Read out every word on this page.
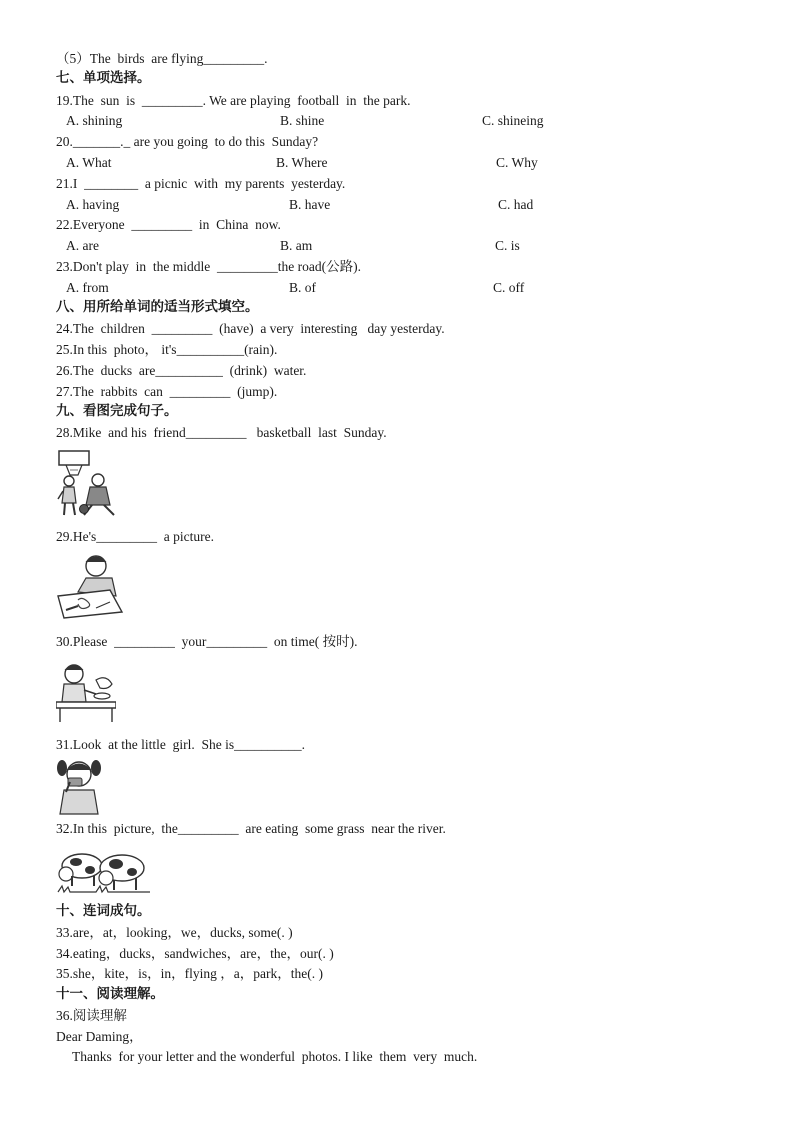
（5）The  birds  are flying_________.
七、单项选择。
19.The  sun  is  _________. We are playing  football  in  the park.
A. shining	B. shine	C. shineing
20._______._ are you going  to do this  Sunday?
A. What	B. Where	C. Why
21.I  ________  a picnic  with  my parents  yesterday.
A. having	B. have	C. had
22.Everyone  _________  in  China  now.
A. are	B. am	C. is
23.Don't play  in  the middle  _________the road(公路).
A. from	B. of	C. off
八、用所给单词的适当形式填空。
24.The  children  _________  (have)  a very  interesting   day yesterday.
25.In this  photo， it's__________(rain).
26.The  ducks  are__________  (drink)  water.
27.The  rabbits  can  _________  (jump).
九、看图完成句子。
28.Mike  and his  friend_________   basketball  last  Sunday.
29.He's_________  a picture.
30.Please  _________  your_________  on time( 按时).
31.Look  at the little  girl.  She is__________.
32.In this  picture,  the_________  are eating  some grass  near the river.
十、连词成句。
33.are，at，looking，we，ducks, some(. )
34.eating，ducks，sandwiches，are，the，our(. )
35.she，kite，is，in，flying ，a，park，the(. )
十一、阅读理解。
36.阅读理解
Dear Daming，
Thanks  for your letter and the wonderful  photos. I like  them  very  much.
